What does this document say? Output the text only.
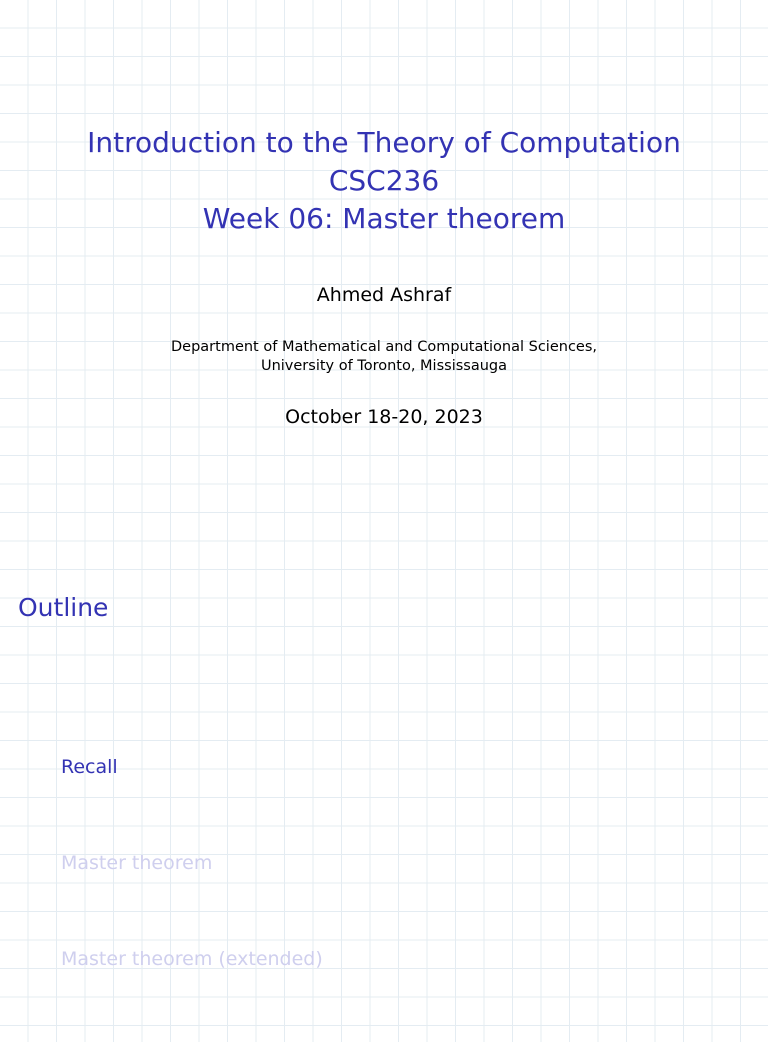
Introduction to the Theory of Computation
CSC236
Week 06: Master theorem
Ahmed Ashraf
Department of Mathematical and Computational Sciences,
University of Toronto, Mississauga
October 18-20, 2023
Outline
Recall
Master theorem
Master theorem (extended)
